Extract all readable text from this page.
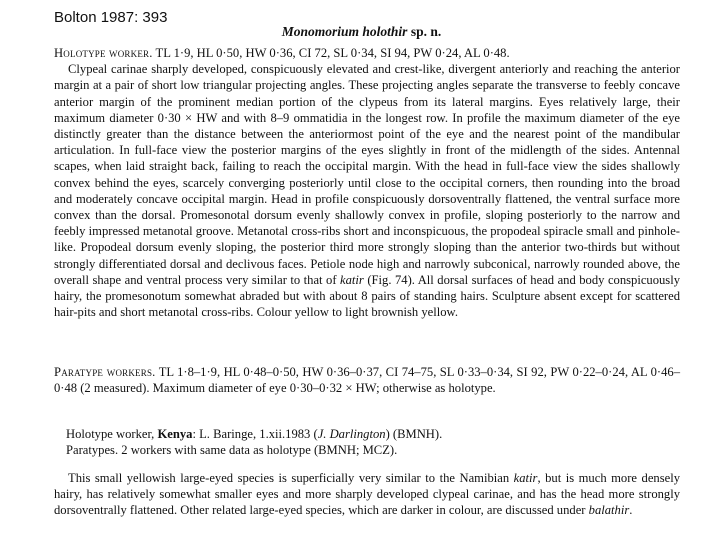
Bolton 1987: 393
Monomorium holothir sp. n.

Holotype worker. TL 1·9, HL 0·50, HW 0·36, CI 72, SL 0·34, SI 94, PW 0·24, AL 0·48.

Clypeal carinae sharply developed, conspicuously elevated and crest-like, divergent anteriorly and reaching the anterior margin at a pair of short low triangular projecting angles. These projecting angles separate the transverse to feebly concave anterior margin of the prominent median portion of the clypeus from its lateral margins. Eyes relatively large, their maximum diameter 0·30 × HW and with 8–9 ommatidia in the longest row. In profile the maximum diameter of the eye distinctly greater than the distance between the anteriormost point of the eye and the nearest point of the mandibular articulation. In full-face view the posterior margins of the eyes slightly in front of the midlength of the sides. Antennal scapes, when laid straight back, failing to reach the occipital margin. With the head in full-face view the sides shallowly convex behind the eyes, scarcely converging posteriorly until close to the occipital corners, then rounding into the broad and moderately concave occipital margin. Head in profile conspicuously dorsoventrally flattened, the ventral surface more convex than the dorsal. Promesonotal dorsum evenly shallowly convex in profile, sloping posteriorly to the narrow and feebly impressed metanotal groove. Metanotal cross-ribs short and inconspicuous, the propodeal spiracle small and pinhole-like. Propodeal dorsum evenly sloping, the posterior third more strongly sloping than the anterior two-thirds but without strongly differentiated dorsal and declivous faces. Petiole node high and narrowly subconical, narrowly rounded above, the overall shape and ventral process very similar to that of katir (Fig. 74). All dorsal surfaces of head and body conspicuously hairy, the promesonotum somewhat abraded but with about 8 pairs of standing hairs. Sculpture absent except for scattered hair-pits and short metanotal cross-ribs. Colour yellow to light brownish yellow.

Paratype workers. TL 1·8–1·9, HL 0·48–0·50, HW 0·36–0·37, CI 74–75, SL 0·33–0·34, SI 92, PW 0·22–0·24, AL 0·46–0·48 (2 measured). Maximum diameter of eye 0·30–0·32 × HW; otherwise as holotype.

Holotype worker, Kenya: L. Baringe, 1.xii.1983 (J. Darlington) (BMNH).

Paratypes. 2 workers with same data as holotype (BMNH; MCZ).

This small yellowish large-eyed species is superficially very similar to the Namibian katir, but is much more densely hairy, has relatively somewhat smaller eyes and more sharply developed clypeal carinae, and has the head more strongly dorsoventrally flattened. Other related large-eyed species, which are darker in colour, are discussed under balathir.
